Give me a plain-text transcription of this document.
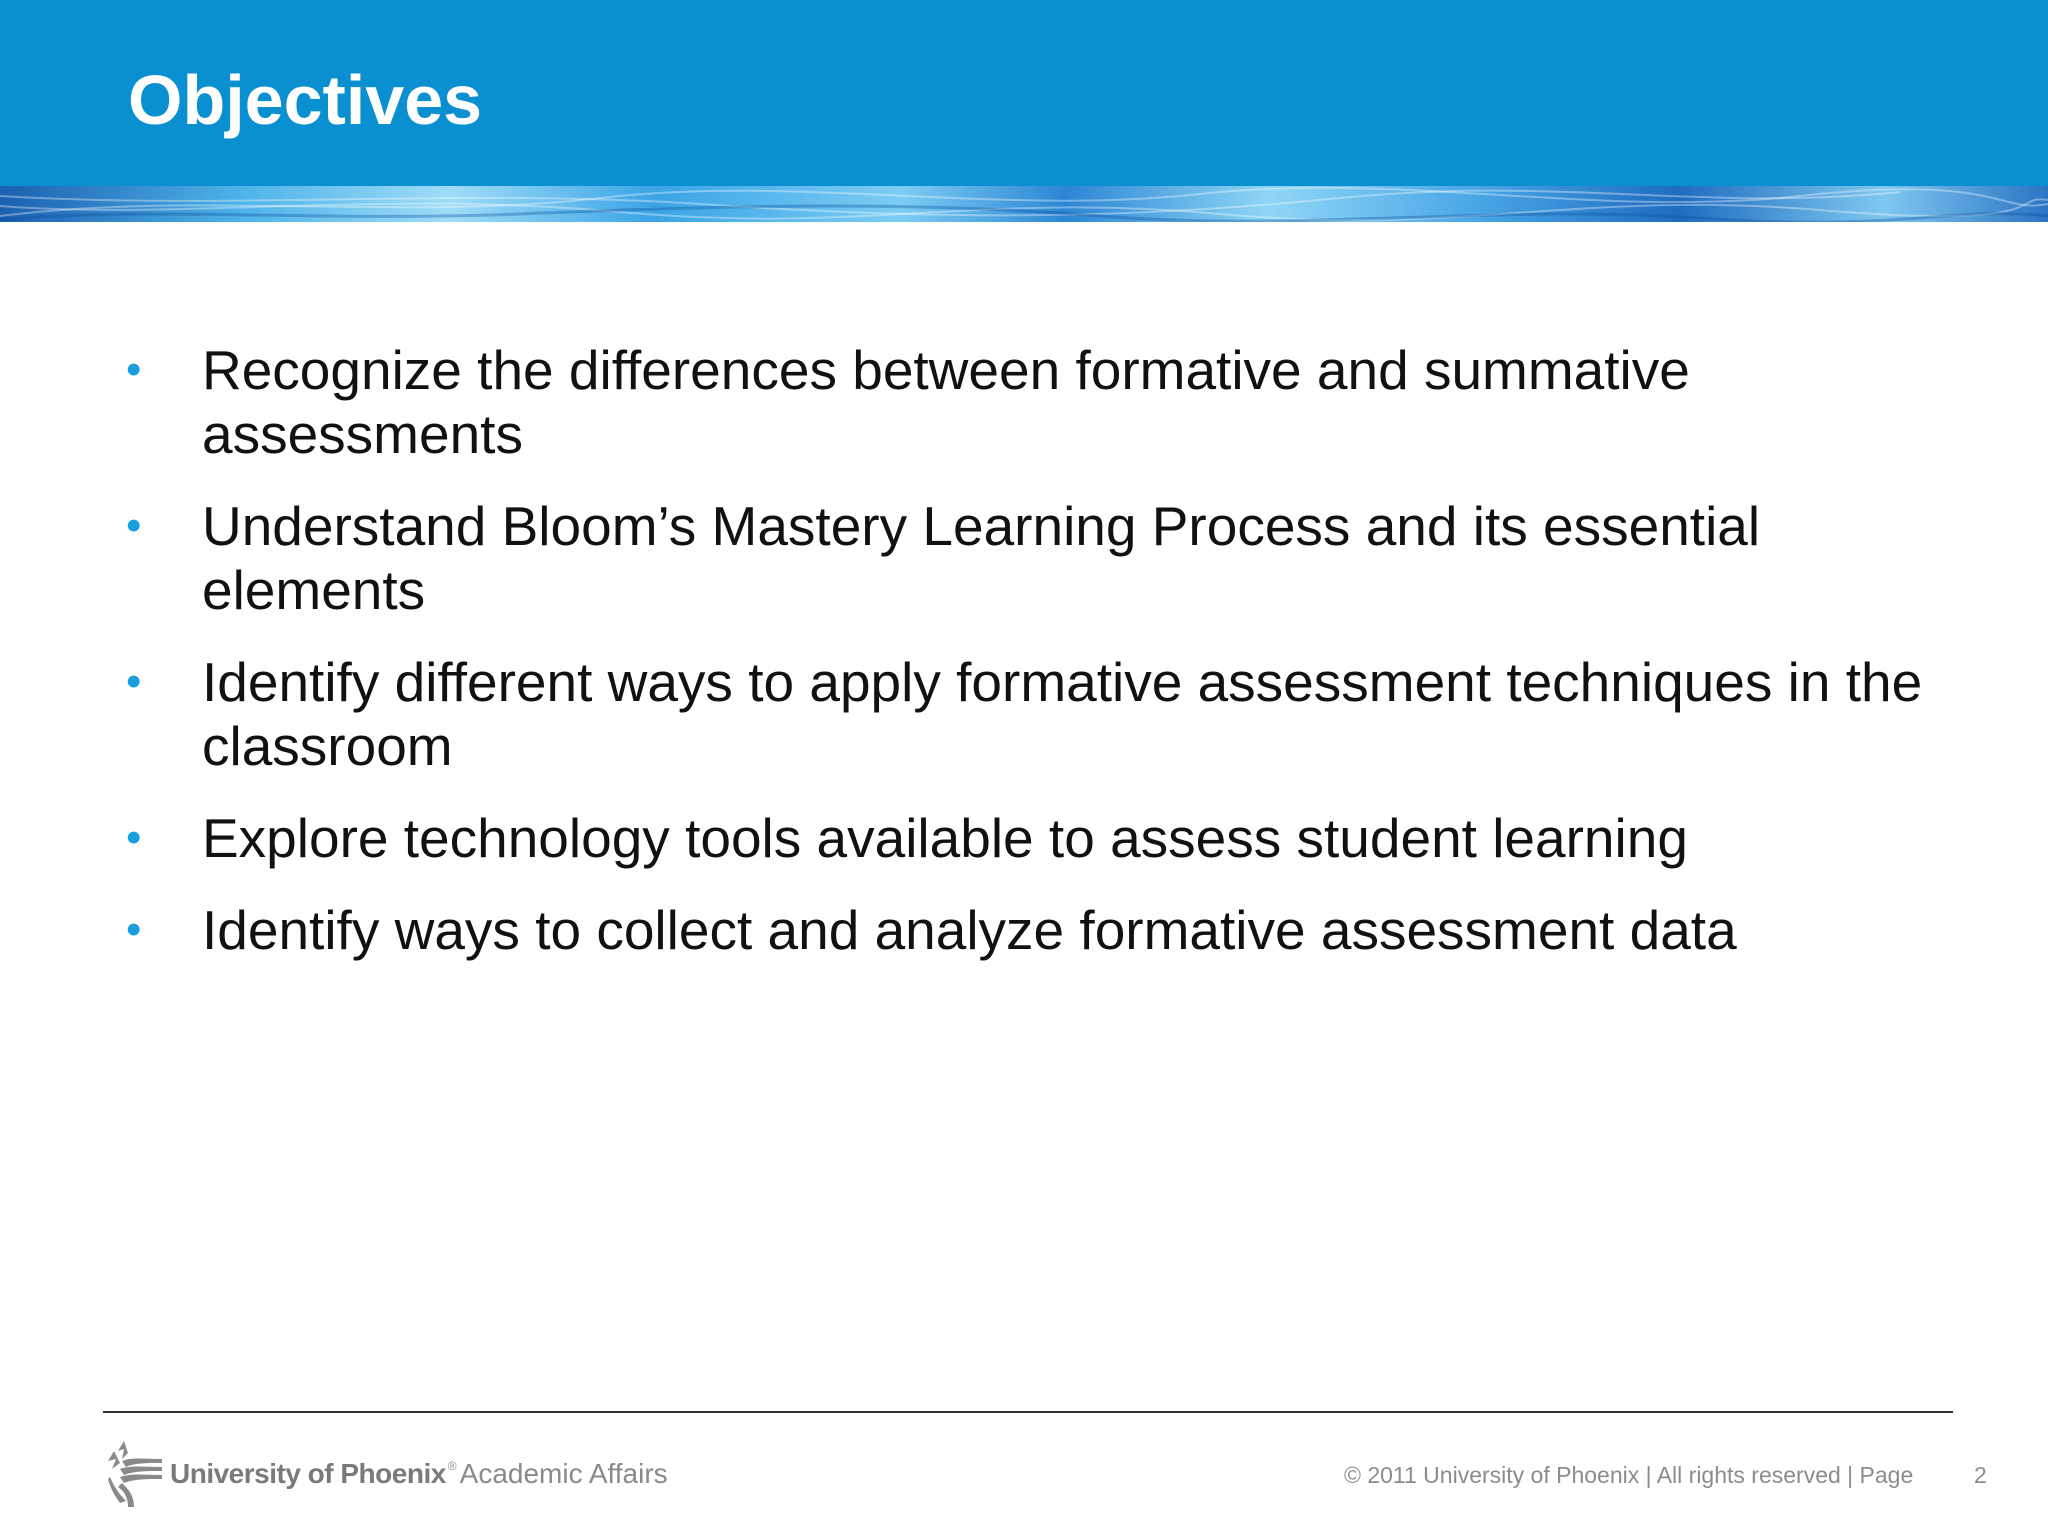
Objectives
• Recognize the differences between formative and summative assessments
• Understand Bloom’s Mastery Learning Process and its essential elements
• Identify different ways to apply formative assessment techniques in the classroom
• Explore technology tools available to assess student learning
• Identify ways to collect and analyze formative assessment data
University of Phoenix ® Academic Affairs	© 2011 University of Phoenix | All rights reserved | Page	2
